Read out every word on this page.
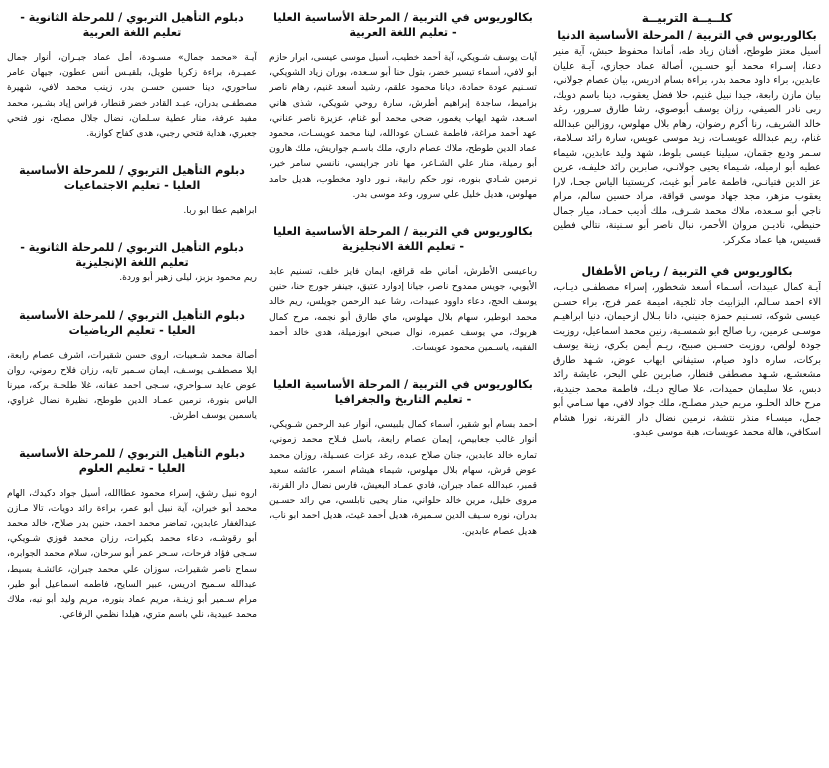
كلــيــة التربيــة
بكالوريوس في التربية / المرحلة الأساسية الدنيا

أسيل معتز طوطح، أفنان زياد طه، أماندا محفوظ حبش، آية منير دعنا، إسـراء محمد أبو حسـين، أصالة عماد حجازي، آيـة عليان عابدين، براء داود محمد بدر، براءة بسام ادريس، بيان عصام جولاني، بيان مازن رابعة، جيدا نبيل غنيم، حلا فضل يعقوب، دينا باسم دويك، ربى نادر الصيفي، رزان يوسف أبوصوي، رشا طارق سـرور، رغد خالد الشريف، رنا أكرم رضوان، رهام بلال مهلوس، روزالين عبدالله غنام، ريم عبدالله عويسـات، زيد موسى عويس، سارة رائد سـلامة، سـمر وديع جقمان، سيلينا عيسى بلوط، شهد وليد عابدين، شيماء عطيه أبو ارميله، شـيماء يحيى جولانـي، صابرين رائد خليفـه، عرين عز الدين فتيانـي، فاطمة عامر أبو غيث، كريستينا الياس جحـا، لارا يعقوب مزهر، مجد جهاد موسى قواقة، مراد حسين سالم، مرام ناجي أبو سـعده، ملاك محمد شـرف، ملك أديب حمـاد، ميار جمال حنيطي، ناديـن مروان الأحمر، نبال ناصر أبو سـنينة، نتالي فطين قسيس، هيا عماد مكركر.

بكالوريوس في التربية / رياض الأطفال

آيـة كمال عبيدات، أسـماء أسعد شخطور، إسراء مصطفـى ديـاب، الاء احمد سـالم، البزابيث جاد ثلجية، اميمة عمر فرج، براء حسـن عيسى شوكه، تسـنيم حمزة جنيني، دانا بـلال ازحيمان، دنيا ابراهيـم موسـى عرمين، ربا صالح ابو شمسـية، رنين محمد اسماعيل، روزيت جودة لولص، روزيت حسـين صبيح، ريـم أيمن بكري، زينة يوسف بركات، ساره داود صيام، ستيفاني ايهاب عوض، شـهد طارق مشعشـع، شـهد مصطفى قنطار، صابرين علي البحر، عايشة رائد دبس، علا سليمان حميدات، علا صالح ديـك، فاطمة محمد جنيدية، مرح خالد الحلـو، مريم حيدر مصلـح، ملك جواد لافي، مها سـامي أبو جمل، ميسـاء منذر نتشة، نرمين نضال دار القرنة، نورا هشام اسكافي، هالة محمد عويسات، هبة موسى عبدو.

بكالوريوس في التربية / المرحلة الأساسية العليا - تعليم اللغة العربية

آيات يوسف شـويكي، آية أحمد خطيب، أسيل موسى عيسى، ابرار حازم أبو لافي، أسماء تيسير خضر، بتول حنا أبو سـعده، بوران زياد الشويكي، تسـنيم عودة حمادة، ديانا محمود علقم، رشيد أسعد غنيم، رهام ناصر بزاميط، ساجدة إبراهيم أطرش، سارة روحي شويكي، شذى هاني اسـعد، شهد ايهاب يغمور، ضحى محمد أبو غنام، عزيزة ناصر عناني، عهد أحمد مراغة، فاطمة غسـان عودالله، لينا محمد عويسـات، محمود عماد الدين طوطح، ملاك عصام داري، ملك باسـم جواريش، ملك هارون أبو رميلة، منار علي الشـاعر، مها نادر جرايسي، نانسي سامر خير، نرمين شـادي بنوره، نور حكم رابية، نـور داود مخطوب، هديل حامد مهلوس، هديل خليل علي سرور، وعد موسى بدر.

بكالوريوس في التربية / المرحلة الأساسية العليا - تعليم اللغة الانجليزية

رباعيسى الأطرش، أماني طه قراقع، ايمان فايز خلف، تسنيم عابد الأيوبي، جويس ممدوح ناصر، جيانا إدوارد عتيق، جينفر جورج حنا، حنين يوسف الحج، دعاء داوود عبيدات، رشا عبد الرحمن جويلس، ريم خالد محمد ابوطير، سهام بلال مهلوس، ماي طارق أبو نجمه، مرح كمال هربوك، مي يوسف عميره، نوال صبحي ابوزميلة، هدى خالد أحمد الفقيه، ياسـمين محمود عويسات.

بكالوريوس في التربية / المرحلة الأساسية العليا - تعليم التاريخ والجغرافيا

أحمد بسام أبو شقير، أسماء كمال بلبيسي، أنوار عبد الرحمن شـويكي، أنوار غالب جعابيص، إيمان عصام رابعة، باسل فـلاح محمد زموني، تماره خالد عابدين، جنان صلاح عبده، رغد عزات عسـيلة، روزان محمد عوض قرش، سهام بلال مهلوس، شيماء هيشام اسمر، عائشه سعيد قمبر، عبدالله عماد جبران، فادي عمـاد البعيش، فارس نضال دار القرنة، مروى خليل، مرين خالد حلواني، منار يحيى نابلسي، مي رائد حسـين بدران، نوره سـيف الدين سـميرة، هديل أحمد غيث، هديل احمد ابو ناب، هديل عصام عابدين.

دبلوم التأهيل التربوي / للمرحلة الثانوية - تعليم اللغة العربية

آيـة «محمد جمال» مسـودة، أمل عماد جبـران، أنوار جمال عميـرة، براءة زكريا طويل، بلقيـس أنس عطون، جيهان عامر ساحوري، دينا حسين حسـن بدر، زينب محمد لافي، شهيرة مصطفـى بدران، عبـد القادر خضر قنطار، فراس إياد بشـير، محمد مفيد عرفة، منار عطية سـلمان، نضال جلال مصلح، نور فتحي جعبري، هداية فتحي رجبي، هدى كفاح كوازبة.

دبلوم التأهيل التربوي / للمرحلة الأساسية العليا - تعليم الاجتماعيات

ابراهيم عطا ابو ربا.

دبلوم التأهيل التربوي / للمرحلة الثانوية - تعليم اللغة الإنجليزية

ريم محمود بزبز، ليلى زهير أبو وردة.

دبلوم التأهيل التربوي / للمرحلة الأساسية العليا - تعليم الرياضيات

أصالة محمد شـعيبات، اروى حسن شقيرات، اشرف عصام رابعة، ايلا مصطفـى يوسـف، ايمان سـمير تايه، رزان فلاح رموني، روان عوض عايد سـواحري، سـجى احمد عفانه، غلا طلحـة بركه، ميرنا الياس بنورة، نرمين عمـاد الدين طوطح، نظيرة نضال غزاوي، ياسمين يوسف اطرش.

دبلوم التأهيل التربوي / للمرحلة الأساسية العليا - تعليم العلوم

اروه نبيل رشق، إسراء محمود عطاالله، أسيل جواد دكيدك، الهام محمد أبو خيران، آية نبيل أبو عمر، براءة رائد دويات، تالا مـازن عبدالغفار عابدين، تماضر محمد احمد، حنين بدر صلاح، خالد محمد أبو رقوشـه، دعاء محمد بكيرات، رزان محمد فوزي شـويكي، سـجى فؤاد فرحات، سـحر عمر أبو سرحان، سلام محمد الجوابره، سماح ناصر شقيرات، سوزان علي محمد جبران، عائشـة بسيط، عبدالله سـميح ادريس، عبير السايح، فاطمه اسماعيل أبو طير، مرام سـمير أبو زينـة، مريم عماد بنوره، مريم وليد أبو نيه، ملاك محمد عبيدية، نلي باسم متري، هيلدا نظمي الرفاعي.
